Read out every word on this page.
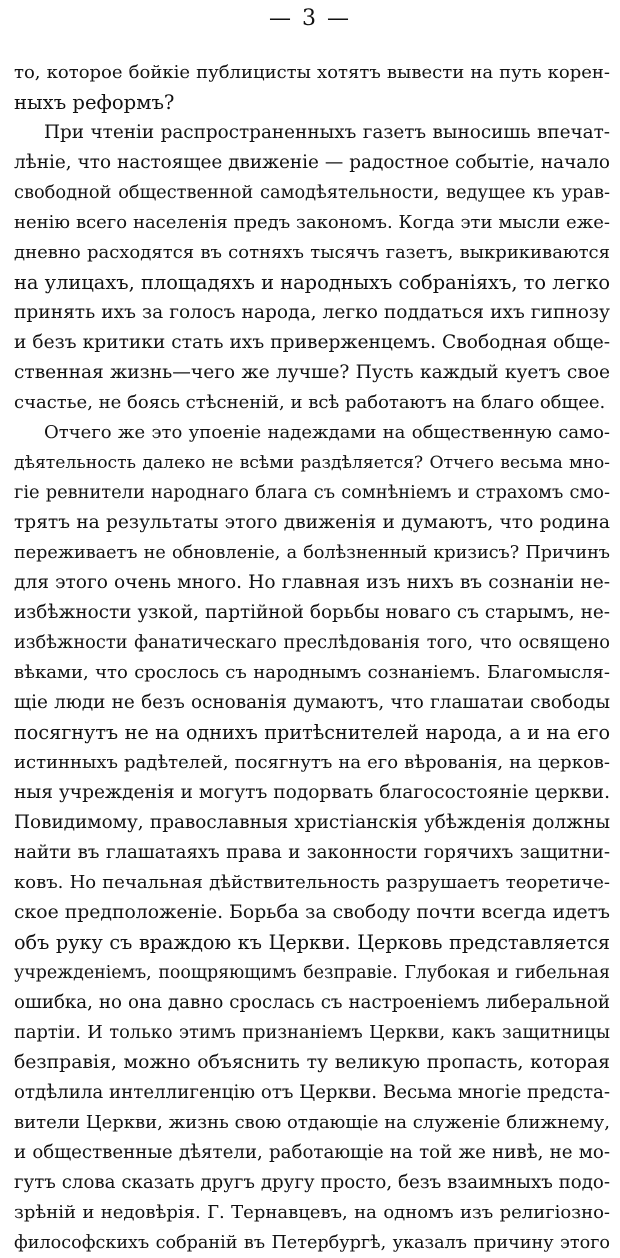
— 3 —
то, которое бойкіе публицисты хотятъ вывести на путь корен-
ныхъ реформъ?
При чтеніи распространенныхъ газетъ выносишь впечат-
лѣніе, что настоящее движеніе — радостное событіе, начало
свободной общественной самодѣятельности, ведущее къ урав-
ненію всего населенія предъ закономъ. Когда эти мысли еже-
дневно расходятся въ сотняхъ тысячъ газетъ, выкрикиваются
на улицахъ, площадяхъ и народныхъ собраніяхъ, то легко
принять ихъ за голосъ народа, легко поддаться ихъ гипнозу
и безъ критики стать ихъ приверженцемъ. Свободная обще-
ственная жизнь—чего же лучше? Пусть каждый куетъ свое
счастье, не боясь стѣсненій, и всѣ работаютъ на благо общее.
Отчего же это упоеніе надеждами на общественную само-
дѣятельность далеко не всѣми раздѣляется? Отчего весьма мно-
гіе ревнители народнаго блага съ сомнѣніемъ и страхомъ смо-
трятъ на результаты этого движенія и думаютъ, что родина
переживаетъ не обновленіе, а болѣзненный кризисъ? Причинъ
для этого очень много. Но главная изъ нихъ въ сознаніи не-
избѣжности узкой, партійной борьбы новаго съ старымъ, не-
избѣжности фанатическаго преслѣдованія того, что освящено
вѣками, что срослось съ народнымъ сознаніемъ. Благомысля-
щіе люди не безъ основанія думаютъ, что глашатаи свободы
посягнутъ не на однихъ притѣснителей народа, а и на его
истинныхъ радѣтелей, посягнутъ на его вѣрованія, на церков-
ныя учрежденія и могутъ подорвать благосостояніе церкви.
Повидимому, православныя христіанскія убѣжденія должны
найти въ глашатаяхъ права и законности горячихъ защитни-
ковъ. Но печальная дѣйствительность разрушаетъ теоретиче-
ское предположеніе. Борьба за свободу почти всегда идетъ
объ руку съ враждою къ Церкви. Церковь представляется
учрежденіемъ, поощряющимъ безправіе. Глубокая и гибельная
ошибка, но она давно срослась съ настроеніемъ либеральной
партіи. И только этимъ признаніемъ Церкви, какъ защитницы
безправія, можно объяснить ту великую пропасть, которая
отдѣлила интеллигенцію отъ Церкви. Весьма многіе предста-
вители Церкви, жизнь свою отдающіе на служеніе ближнему,
и общественные дѣятели, работающіе на той же нивѣ, не мо-
гутъ слова сказать другъ другу просто, безъ взаимныхъ подо-
зрѣній и недовѣрія. Г. Тернавцевъ, на одномъ изъ религіозно-
философскихъ собраній въ Петербургѣ, указалъ причину этого
